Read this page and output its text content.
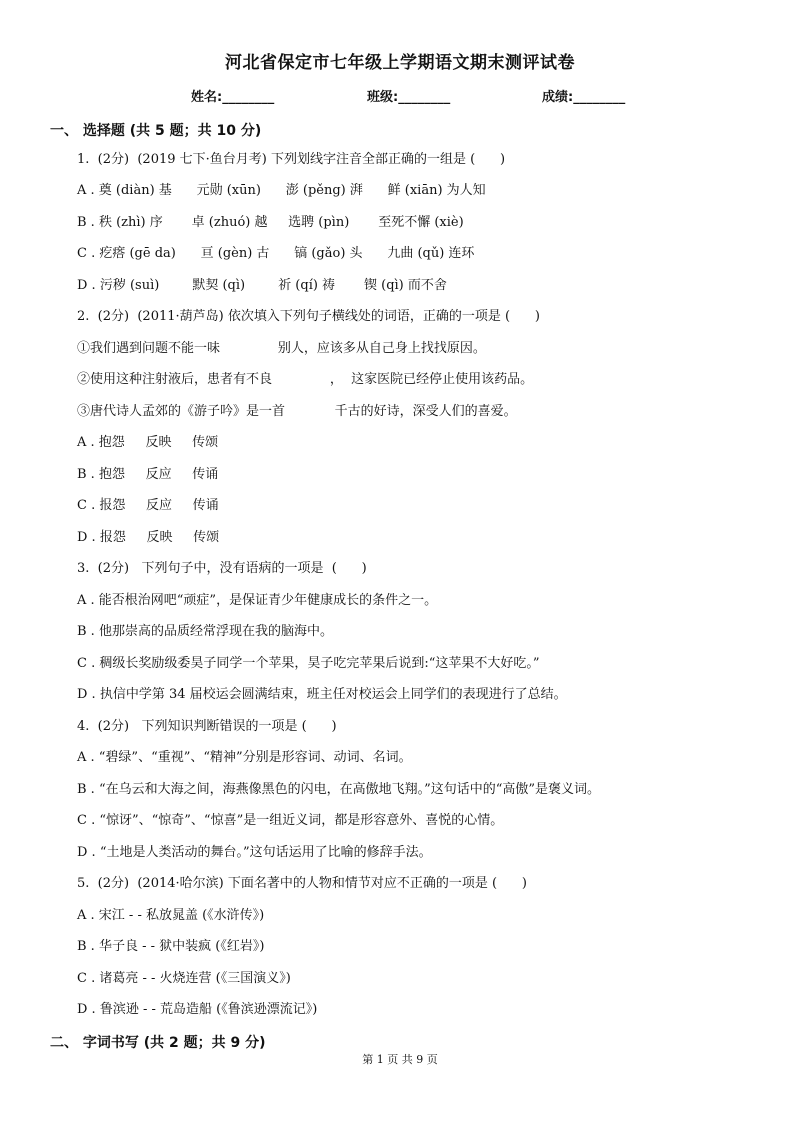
河北省保定市七年级上学期语文期末测评试卷
姓名:________	班级:________	成绩:________
一、 选择题 (共 5 题；共 10 分)
1.  (2分)  (2019 七下·鱼台月考) 下列划线字注音全部正确的一组是 (      )
A . 奠 (diàn) 基      元勋 (xūn)      澎 (pěng) 湃      鲜 (xiān) 为人知
B . 秩 (zhì) 序       卓 (zhuó) 越     选聘 (pìn)       至死不懈 (xiè)
C . 疙瘩 (gē da)      亘 (gèn) 古      镐 (gǎo) 头      九曲 (qǔ) 连环
D . 污秽 (suì)        默契 (qì)        祈 (qí) 祷       锲 (qì) 而不舍
2.  (2分)  (2011·葫芦岛) 依次填入下列句子横线处的词语，正确的一项是 (      )
①我们遇到问题不能一味              别人，应该多从自己身上找找原因。
②使用这种注射液后，患者有不良              ，  这家医院已经停止使用该药品。
③唐代诗人孟郊的《游子吟》是一首            千古的好诗，深受人们的喜爱。
A . 抱怨     反映     传颂
B . 抱怨     反应     传诵
C . 报怨     反应     传诵
D . 报怨     反映     传颂
3.  (2分)   下列句子中，没有语病的一项是  (      )
A . 能否根治网吧“顽症”，是保证青少年健康成长的条件之一。
B . 他那崇高的品质经常浮现在我的脑海中。
C . 稠级长奖励级委昊子同学一个苹果，昊子吃完苹果后说到:“这苹果不大好吃。”
D . 执信中学第 34 届校运会圆满结束，班主任对校运会上同学们的表现进行了总结。
4.  (2分)   下列知识判断错误的一项是 (      )
A . “碧绿”、“重视”、“精神”分别是形容词、动词、名词。
B . “在乌云和大海之间，海燕像黑色的闪电，在高傲地飞翔。”这句话中的“高傲”是褒义词。
C . “惊讶”、“惊奇”、“惊喜”是一组近义词，都是形容意外、喜悦的心情。
D . “土地是人类活动的舞台。”这句话运用了比喻的修辞手法。
5.  (2分)  (2014·哈尔滨) 下面名著中的人物和情节对应不正确的一项是 (      )
A . 宋江 - - 私放晁盖 (《水浒传》)
B . 华子良 - - 狱中装疯 (《红岩》)
C . 诸葛亮 - - 火烧连营 (《三国演义》)
D . 鲁滨逊 - - 荒岛造船 (《鲁滨逊漂流记》)
二、 字词书写 (共 2 题；共 9 分)
第 1 页 共 9 页
